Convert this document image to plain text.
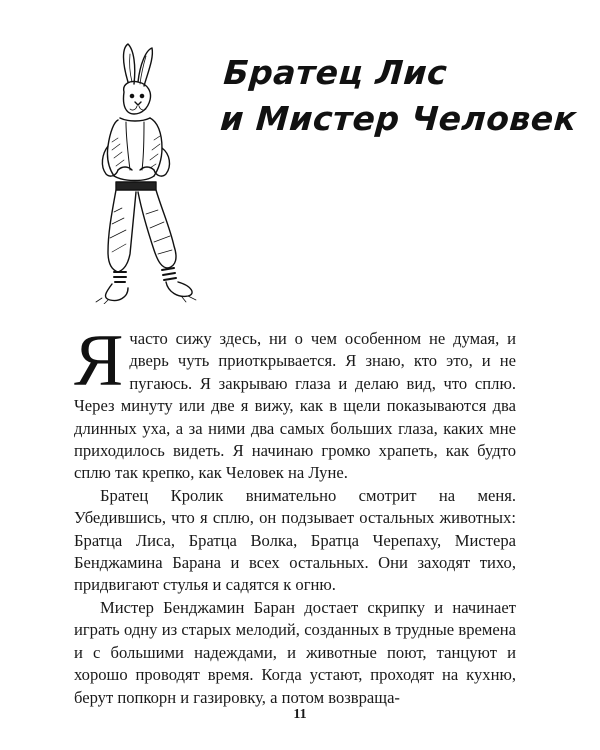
Братец Лис
и Мистер Человек

Ячасто сижу здесь, ни о чем особенном не думая, и дверь чуть приоткрывается. Я знаю, кто это, и не пугаюсь. Я закрываю глаза и делаю вид, что сплю. Через минуту или две я вижу, как в щели показываются два длинных уха, а за ними два самых больших глаза, каких мне приходилось видеть. Я начинаю громко храпеть, как будто сплю так крепко, как Человек на Луне.

Братец Кролик внимательно смотрит на меня. Убедившись, что я сплю, он подзывает остальных животных: Братца Лиса, Братца Волка, Братца Черепаху, Мистера Бенджамина Барана и всех остальных. Они заходят тихо, придвигают стулья и садятся к огню.

Мистер Бенджамин Баран достает скрипку и начинает играть одну из старых мелодий, созданных в трудные времена и с большими надеждами, и животные поют, танцуют и хорошо проводят время. Когда устают, проходят на кухню, берут попкорн и газировку, а потом возвраща-

11
